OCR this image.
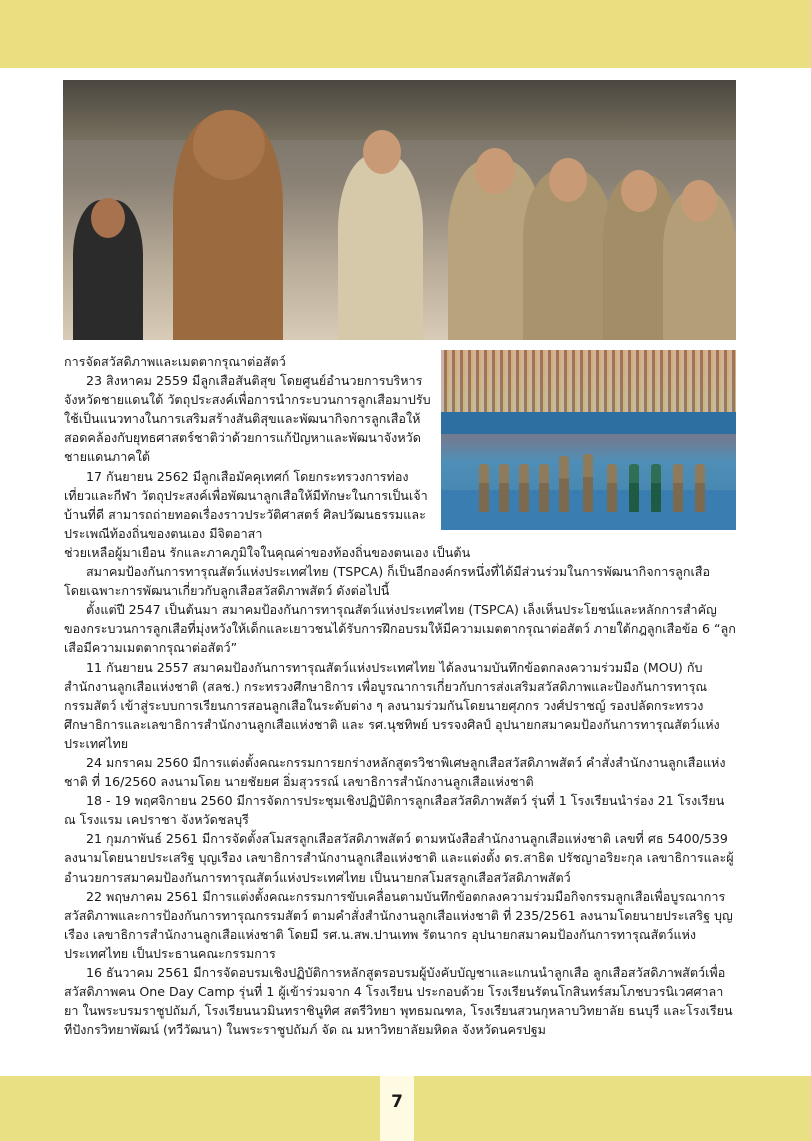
การจัดสวัสดิภาพและเมตตากรุณาต่อสัตว์

23 สิงหาคม 2559 มีลูกเสือสันติสุข โดยศูนย์อำนวยการบริหารจังหวัดชายแดนใต้ วัตถุประสงค์เพื่อการนำกระบวนการลูกเสือมาปรับใช้เป็นแนวทางในการเสริมสร้างสันติสุขและพัฒนากิจการลูกเสือให้สอดคล้องกับยุทธศาสตร์ชาติว่าด้วยการแก้ปัญหาและพัฒนาจังหวัดชายแดนภาคใต้

17 กันยายน 2562 มีลูกเสือมัคคุเทศก์ โดยกระทรวงการท่องเที่ยวและกีฬา วัตถุประสงค์เพื่อพัฒนาลูกเสือให้มีทักษะในการเป็นเจ้าบ้านที่ดี สามารถถ่ายทอดเรื่องราวประวัติศาสตร์ ศิลปวัฒนธรรมและประเพณีท้องถิ่นของตนเอง มีจิตอาสา

ช่วยเหลือผู้มาเยือน รักและภาคภูมิใจในคุณค่าของท้องถิ่นของตนเอง เป็นต้น

สมาคมป้องกันการทารุณสัตว์แห่งประเทศไทย (TSPCA) ก็เป็นอีกองค์กรหนึ่งที่ได้มีส่วนร่วมในการพัฒนากิจการลูกเสือ โดยเฉพาะการพัฒนาเกี่ยวกับลูกเสือสวัสดิภาพสัตว์ ดังต่อไปนี้

ตั้งแต่ปี 2547 เป็นต้นมา สมาคมป้องกันการทารุณสัตว์แห่งประเทศไทย (TSPCA) เล็งเห็นประโยชน์และหลักการสำคัญของกระบวนการลูกเสือที่มุ่งหวังให้เด็กและเยาวชนได้รับการฝึกอบรมให้มีความเมตตากรุณาต่อสัตว์ ภายใต้กฎลูกเสือข้อ 6 “ลูกเสือมีความเมตตากรุณาต่อสัตว์”

11 กันยายน 2557 สมาคมป้องกันการทารุณสัตว์แห่งประเทศไทย ได้ลงนามบันทึกข้อตกลงความร่วมมือ (MOU) กับสำนักงานลูกเสือแห่งชาติ (สลช.) กระทรวงศึกษาธิการ เพื่อบูรณาการเกี่ยวกับการส่งเสริมสวัสดิภาพและป้องกันการทารุณกรรมสัตว์ เข้าสู่ระบบการเรียนการสอนลูกเสือในระดับต่าง ๆ ลงนามร่วมกันโดยนายศุภกร วงศ์ปราชญ์ รองปลัดกระทรวงศึกษาธิการและเลขาธิการสำนักงานลูกเสือแห่งชาติ และ รศ.นุชทิพย์ บรรจงศิลป์ อุปนายกสมาคมป้องกันการทารุณสัตว์แห่งประเทศไทย

24 มกราคม 2560 มีการแต่งตั้งคณะกรรมการยกร่างหลักสูตรวิชาพิเศษลูกเสือสวัสดิภาพสัตว์ คำสั่งสำนักงานลูกเสือแห่งชาติ ที่ 16/2560 ลงนามโดย นายชัยยศ อิ่มสุวรรณ์ เลขาธิการสำนักงานลูกเสือแห่งชาติ

18 - 19 พฤศจิกายน 2560 มีการจัดการประชุมเชิงปฏิบัติการลูกเสือสวัสดิภาพสัตว์ รุ่นที่ 1 โรงเรียนนำร่อง 21 โรงเรียน ณ โรงแรม เคปราชา จังหวัดชลบุรี

21 กุมภาพันธ์ 2561 มีการจัดตั้งสโมสรลูกเสือสวัสดิภาพสัตว์ ตามหนังสือสำนักงานลูกเสือแห่งชาติ เลขที่ ศธ 5400/539 ลงนามโดยนายประเสริฐ บุญเรือง เลขาธิการสำนักงานลูกเสือแห่งชาติ และแต่งตั้ง ดร.สาธิต ปรัชญาอริยะกุล เลขาธิการและผู้อำนวยการสมาคมป้องกันการทารุณสัตว์แห่งประเทศไทย เป็นนายกสโมสรลูกเสือสวัสดิภาพสัตว์

22 พฤษภาคม 2561 มีการแต่งตั้งคณะกรรมการขับเคลื่อนตามบันทึกข้อตกลงความร่วมมือกิจกรรมลูกเสือเพื่อบูรณาการสวัสดิภาพและการป้องกันการทารุณกรรมสัตว์ ตามคำสั่งสำนักงานลูกเสือแห่งชาติ ที่ 235/2561 ลงนามโดยนายประเสริฐ บุญเรือง เลขาธิการสำนักงานลูกเสือแห่งชาติ โดยมี รศ.น.สพ.ปานเทพ รัตนากร อุปนายกสมาคมป้องกันการทารุณสัตว์แห่งประเทศไทย เป็นประธานคณะกรรมการ

16 ธันวาคม 2561 มีการจัดอบรมเชิงปฏิบัติการหลักสูตรอบรมผู้บังคับบัญชาและแกนนำลูกเสือ ลูกเสือสวัสดิภาพสัตว์เพื่อสวัสดิภาพคน One Day Camp รุ่นที่ 1 ผู้เข้าร่วมจาก 4 โรงเรียน ประกอบด้วย โรงเรียนรัตนโกสินทร์สมโภชบวรนิเวศศาลายา ในพระบรมราชูปถัมภ์, โรงเรียนนวมินทราชินูทิศ สตรีวิทยา พุทธมณฑล, โรงเรียนสวนกุหลาบวิทยาลัย ธนบุรี และโรงเรียนทีปังกรวิทยาพัฒน์ (ทวีวัฒนา) ในพระราชูปถัมภ์ จัด ณ มหาวิทยาลัยมหิดล จังหวัดนครปฐม

7
